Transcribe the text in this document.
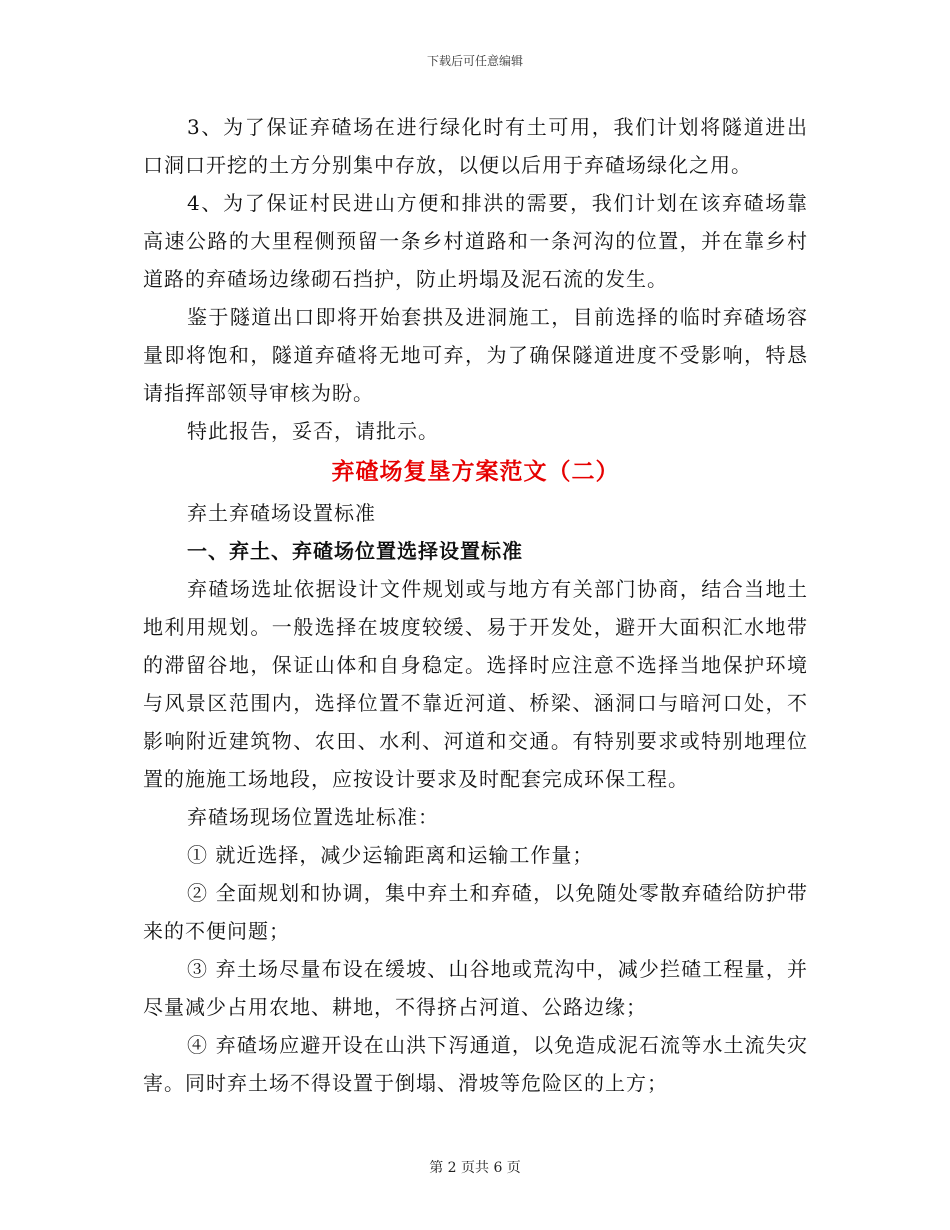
下载后可任意编辑

3、为了保证弃碴场在进行绿化时有土可用，我们计划将隧道进出口洞口开挖的土方分别集中存放，以便以后用于弃碴场绿化之用。

4、为了保证村民进山方便和排洪的需要，我们计划在该弃碴场靠高速公路的大里程侧预留一条乡村道路和一条河沟的位置，并在靠乡村道路的弃碴场边缘砌石挡护，防止坍塌及泥石流的发生。

鉴于隧道出口即将开始套拱及进洞施工，目前选择的临时弃碴场容量即将饱和，隧道弃碴将无地可弃，为了确保隧道进度不受影响，特恳请指挥部领导审核为盼。

特此报告，妥否，请批示。

弃碴场复垦方案范文（二）

弃土弃碴场设置标准

一、弃土、弃碴场位置选择设置标准

弃碴场选址依据设计文件规划或与地方有关部门协商，结合当地土地利用规划。一般选择在坡度较缓、易于开发处，避开大面积汇水地带的滞留谷地，保证山体和自身稳定。选择时应注意不选择当地保护环境与风景区范围内，选择位置不靠近河道、桥梁、涵洞口与暗河口处，不影响附近建筑物、农田、水利、河道和交通。有特别要求或特别地理位置的施施工场地段，应按设计要求及时配套完成环保工程。

弃碴场现场位置选址标准：

① 就近选择，减少运输距离和运输工作量；

② 全面规划和协调，集中弃土和弃碴，以免随处零散弃碴给防护带来的不便问题；

③ 弃土场尽量布设在缓坡、山谷地或荒沟中，减少拦碴工程量，并尽量减少占用农地、耕地，不得挤占河道、公路边缘；

④ 弃碴场应避开设在山洪下泻通道，以免造成泥石流等水土流失灾害。同时弃土场不得设置于倒塌、滑坡等危险区的上方；

第 2 页共 6 页
